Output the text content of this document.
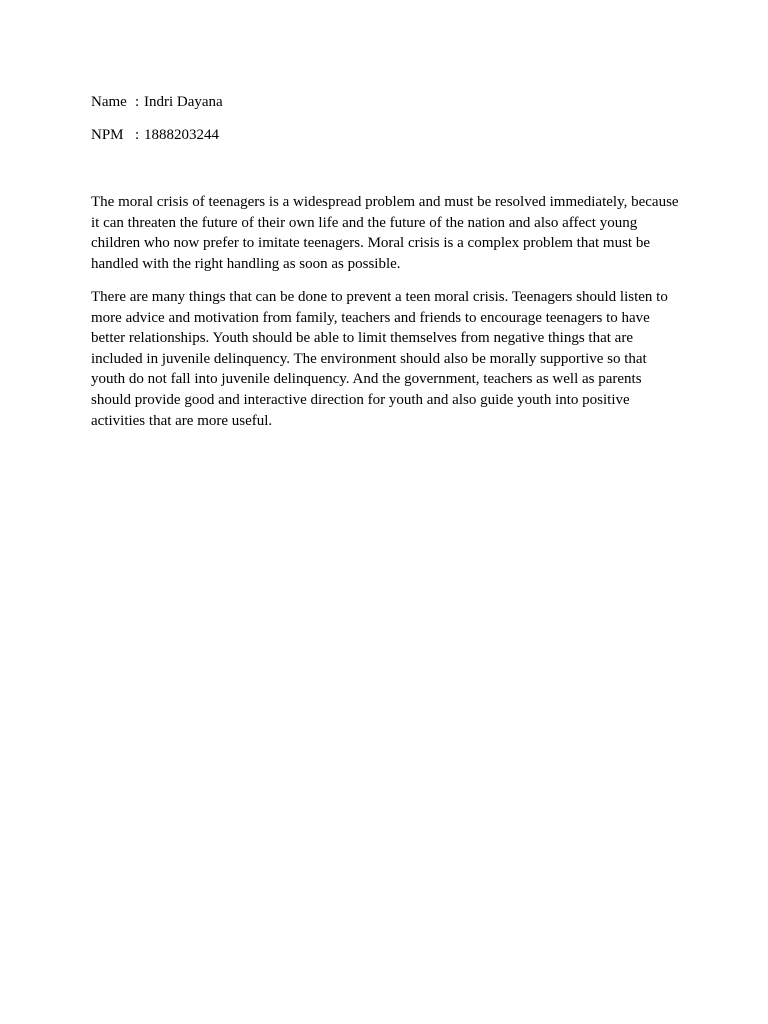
Name : Indri Dayana
NPM : 1888203244

The moral crisis of teenagers is a widespread problem and must be resolved immediately, because it can threaten the future of their own life and the future of the nation and also affect young children who now prefer to imitate teenagers. Moral crisis is a complex problem that must be handled with the right handling as soon as possible.

There are many things that can be done to prevent a teen moral crisis. Teenagers should listen to more advice and motivation from family, teachers and friends to encourage teenagers to have better relationships. Youth should be able to limit themselves from negative things that are included in juvenile delinquency. The environment should also be morally supportive so that youth do not fall into juvenile delinquency. And the government, teachers as well as parents should provide good and interactive direction for youth and also guide youth into positive activities that are more useful.
